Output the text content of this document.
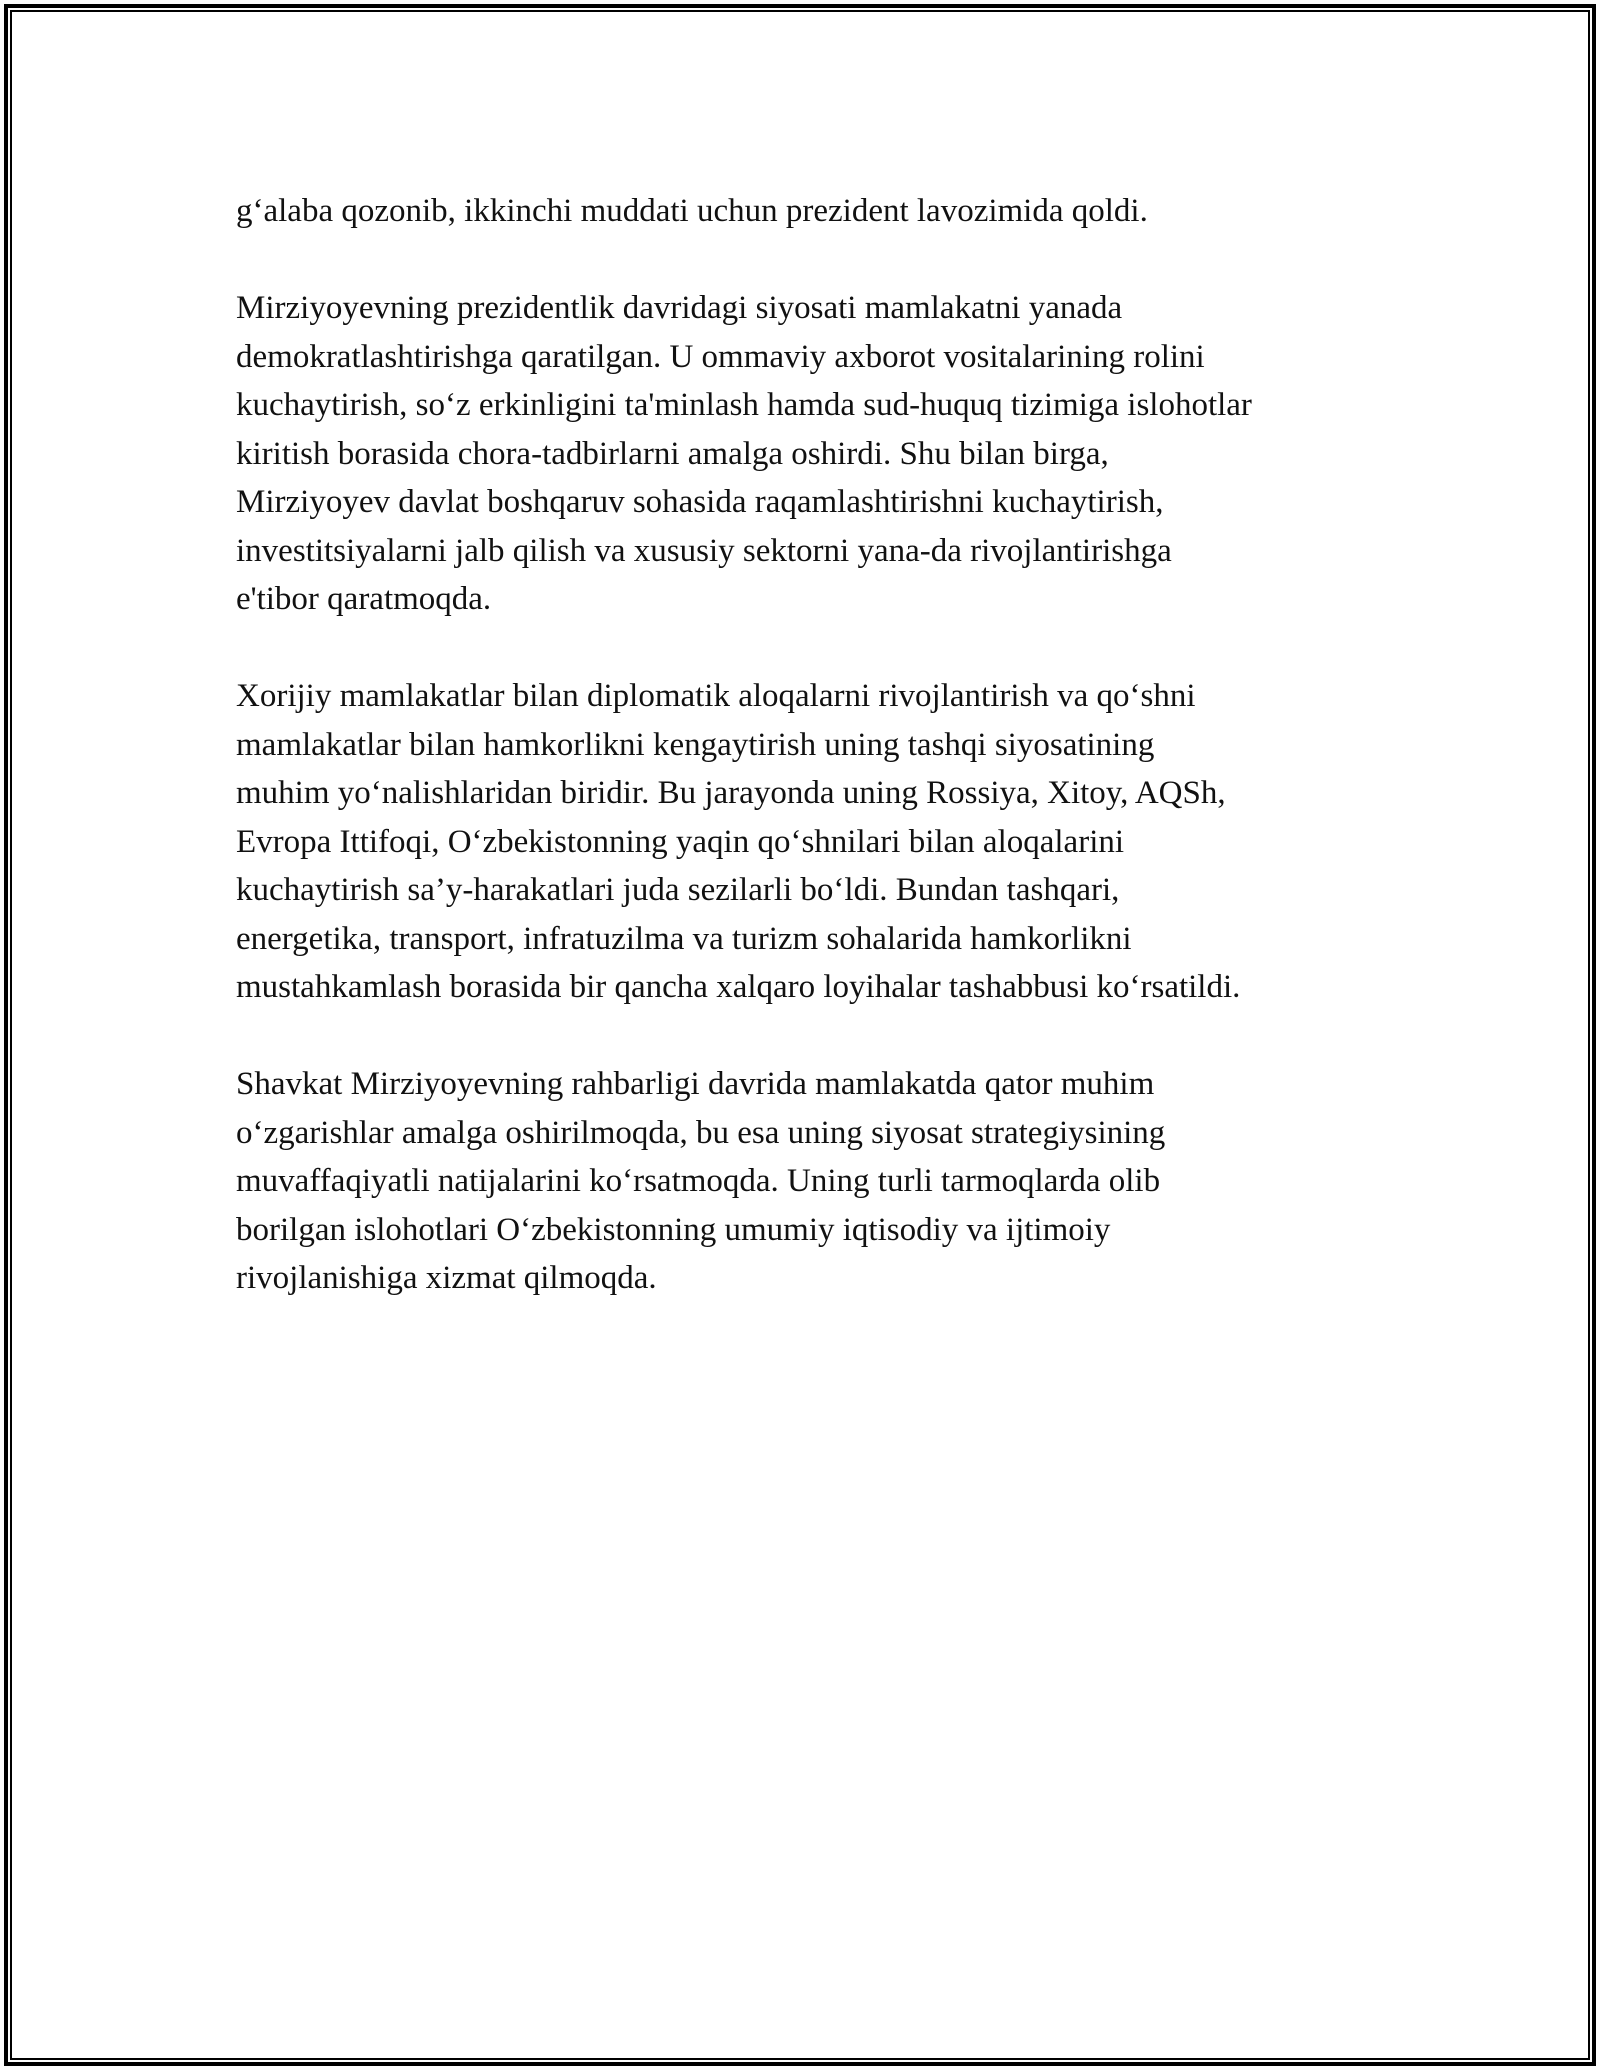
g‘alaba qozonib, ikkinchi muddati uchun prezident lavozimida qoldi.

Mirziyoyevning prezidentlik davridagi siyosati mamlakatni yanada
demokratlashtirishga qaratilgan. U ommaviy axborot vositalarining rolini
kuchaytirish, so‘z erkinligini ta'minlash hamda sud-huquq tizimiga islohotlar
kiritish borasida chora-tadbirlarni amalga oshirdi. Shu bilan birga,
Mirziyoyev davlat boshqaruv sohasida raqamlashtirishni kuchaytirish,
investitsiyalarni jalb qilish va xususiy sektorni yana-da rivojlantirishga
e'tibor qaratmoqda.

Xorijiy mamlakatlar bilan diplomatik aloqalarni rivojlantirish va qo‘shni
mamlakatlar bilan hamkorlikni kengaytirish uning tashqi siyosatining
muhim yo‘nalishlaridan biridir. Bu jarayonda uning Rossiya, Xitoy, AQSh,
Evropa Ittifoqi, O‘zbekistonning yaqin qo‘shnilari bilan aloqalarini
kuchaytirish sa’y-harakatlari juda sezilarli bo‘ldi. Bundan tashqari,
energetika, transport, infratuzilma va turizm sohalarida hamkorlikni
mustahkamlash borasida bir qancha xalqaro loyihalar tashabbusi ko‘rsatildi.

Shavkat Mirziyoyevning rahbarligi davrida mamlakatda qator muhim
o‘zgarishlar amalga oshirilmoqda, bu esa uning siyosat strategiysining
muvaffaqiyatli natijalarini ko‘rsatmoqda. Uning turli tarmoqlarda olib
borilgan islohotlari O‘zbekistonning umumiy iqtisodiy va ijtimoiy
rivojlanishiga xizmat qilmoqda.
